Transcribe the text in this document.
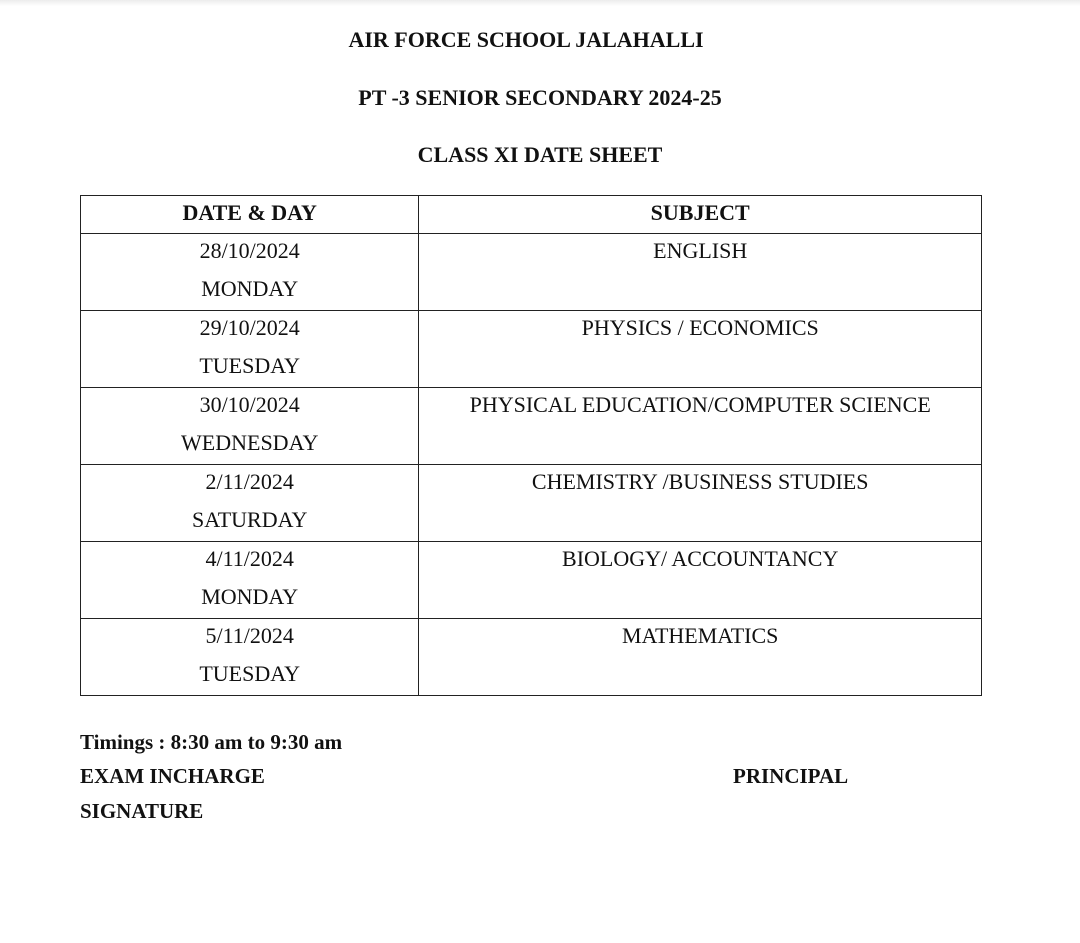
AIR FORCE SCHOOL JALAHALLI
PT -3 SENIOR SECONDARY 2024-25
CLASS XI DATE SHEET
DATE & DAY	SUBJECT

28/10/2024
MONDAY	ENGLISH

29/10/2024
TUESDAY	PHYSICS / ECONOMICS

30/10/2024
WEDNESDAY	PHYSICAL EDUCATION/COMPUTER SCIENCE

2/11/2024
SATURDAY	CHEMISTRY /BUSINESS STUDIES

4/11/2024
MONDAY	BIOLOGY/ ACCOUNTANCY

5/11/2024
TUESDAY	MATHEMATICS
Timings : 8:30 am to 9:30 am
EXAM INCHARGE	PRINCIPAL
SIGNATURE
